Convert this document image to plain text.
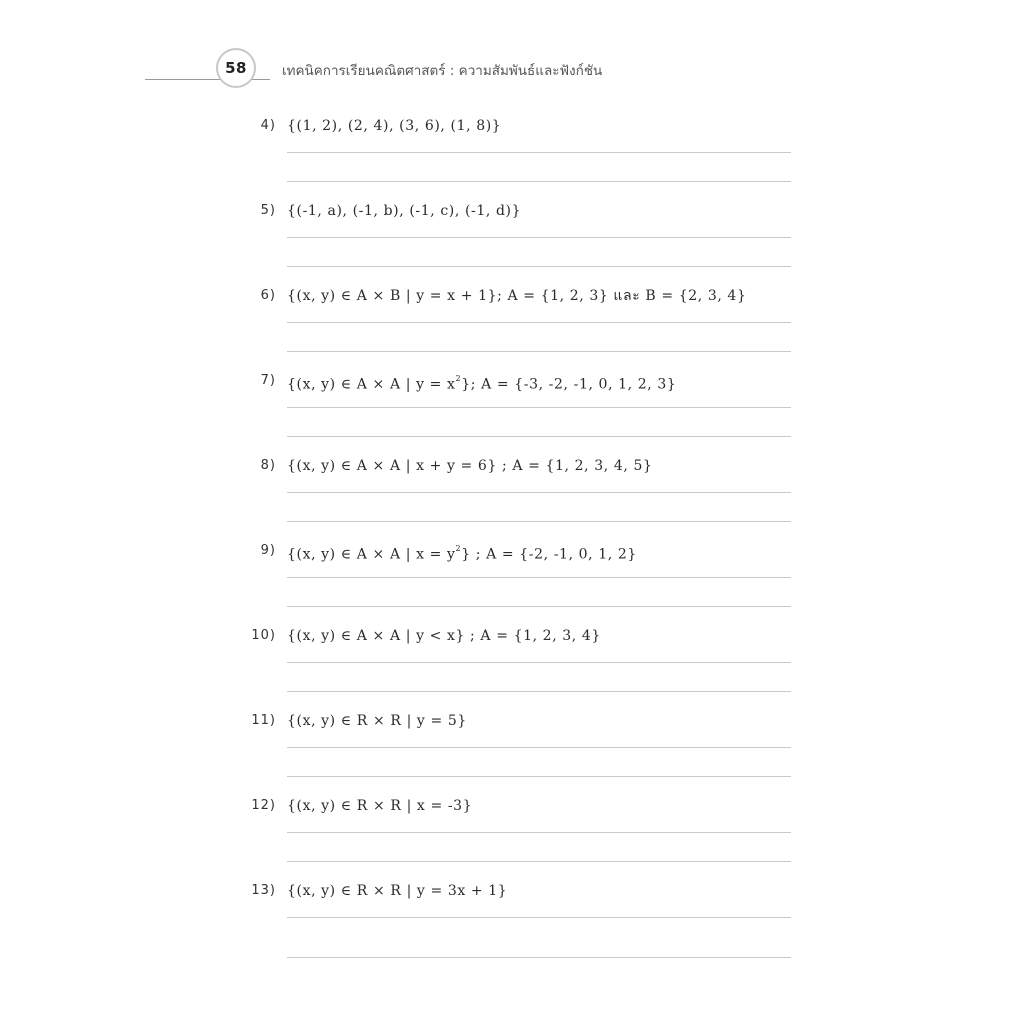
58	เทคนิคการเรียนคณิตศาสตร์ : ความสัมพันธ์และฟังก์ชัน
4) {(1, 2), (2, 4), (3, 6), (1, 8)}
5) {(-1, a), (-1, b), (-1, c), (-1, d)}
6) {(x, y) ∈ A × B | y = x + 1}; A = {1, 2, 3} และ B = {2, 3, 4}
7) {(x, y) ∈ A × A | $y = x^2$}; A = {-3, -2, -1, 0, 1, 2, 3}
8) {(x, y) ∈ A × A | x + y = 6} ; A = {1, 2, 3, 4, 5}
9) {(x, y) ∈ A × A | $x = y^2$} ; A = {-2, -1, 0, 1, 2}
10) {(x, y) ∈ A × A | y < x} ; A = {1, 2, 3, 4}
11) {(x, y) ∈ R × R | y = 5}
12) {(x, y) ∈ R × R | x = -3}
13) {(x, y) ∈ R × R | y = 3x + 1}
